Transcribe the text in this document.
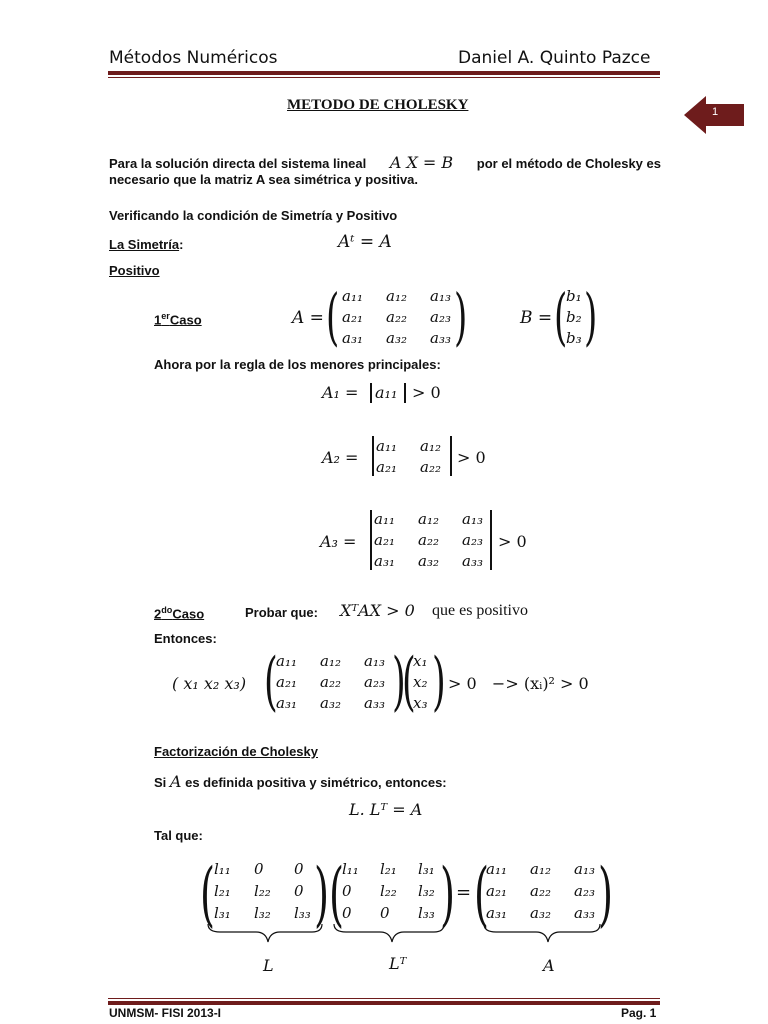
Métodos Numéricos	Daniel A. Quinto Pazce
1
METODO DE CHOLESKY
Para la solución directa del sistema lineal A X = B por el método de Cholesky es
necesario que la matriz A sea simétrica y positiva.
Verificando la condición de Simetría y Positivo
La Simetría:	Aᵗ = A
Positivo
1erCaso	A = ( )
a₁₁ a₁₂ a₁₃
a₂₁ a₂₂ a₂₃
a₃₁ a₃₂ a₃₃
B = ( )
b₁
b₂
b₃
Ahora por la regla de los menores principales:
A₁ = a₁₁ > 0
A₂ =
a₁₁ a₁₂
a₂₁ a₂₂ > 0
A₃ =
a₁₁ a₁₂ a₁₃
a₂₁ a₂₂ a₂₃
a₃₁ a₃₂ a₃₃
> 0
$2^{do}Caso$	Probar que: XᵀAX > 0 que es positivo
Entonces:
( x₁ x₂ x₃) (
a₁₁ a₁₂ a₁₃
a₂₁ a₂₂ a₂₃
a₃₁ a₃₂ a₃₃ )
(
x₁
x₂
x₃ ) > 0   −> (xᵢ)² > 0
Factorización de Cholesky
Si A es definida positiva y simétrico, entonces:
L. Lᵀ = A
Tal que:
(
l₁₁ 0 0
l₂₁ l₂₂ 0
l₃₁ l₃₂ l₃₃ ) (
l₁₁ l₂₁ l₃₁
0 l₂₂ l₃₂
0 0 l₃₃ ) = (
a₁₁ a₁₂ a₁₃
a₂₁ a₂₂ a₂₃
a₃₁ a₃₂ a₃₃ )
L	Lᵀ	A
UNMSM- FISI 2013-I	Pag. 1
